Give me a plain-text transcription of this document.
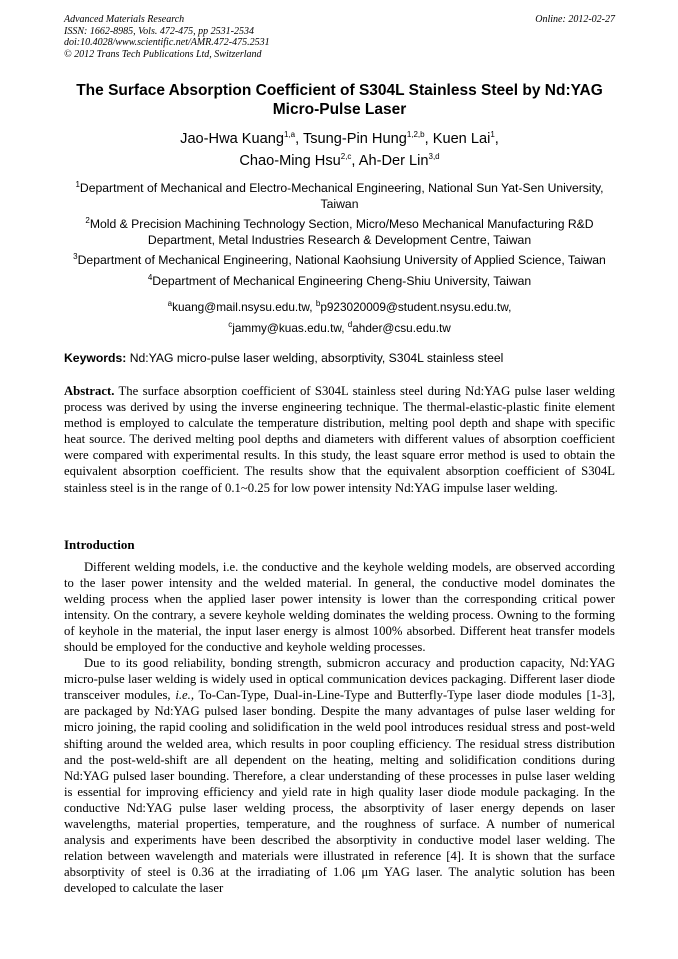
Advanced Materials Research
ISSN: 1662-8985, Vols. 472-475, pp 2531-2534
doi:10.4028/www.scientific.net/AMR.472-475.2531
© 2012 Trans Tech Publications Ltd, Switzerland
Online: 2012-02-27
The Surface Absorption Coefficient of S304L Stainless Steel by Nd:YAG
Micro-Pulse Laser
Jao-Hwa Kuang$^{1,a}$, Tsung-Pin Hung$^{1,2,b}$, Kuen Lai$^1$,
Chao-Ming Hsu$^{2,c}$, Ah-Der Lin$^{3,d}$
$^1$Department of Mechanical and Electro-Mechanical Engineering, National Sun Yat-Sen University, Taiwan
$^2$Mold & Precision Machining Technology Section, Micro/Meso Mechanical Manufacturing R&D Department, Metal Industries Research & Development Centre, Taiwan
$^3$Department of Mechanical Engineering, National Kaohsiung University of Applied Science, Taiwan
$^4$Department of Mechanical Engineering Cheng-Shiu University, Taiwan
$^a$kuang@mail.nsysu.edu.tw, $^b$p923020009@student.nsysu.edu.tw,
$^c$jammy@kuas.edu.tw, $^d$ahder@csu.edu.tw
Keywords: Nd:YAG micro-pulse laser welding, absorptivity, S304L stainless steel
Abstract. The surface absorption coefficient of S304L stainless steel during Nd:YAG pulse laser welding process was derived by using the inverse engineering technique. The thermal-elastic-plastic finite element method is employed to calculate the temperature distribution, melting pool depth and shape with specific heat source. The derived melting pool depths and diameters with different values of absorption coefficient were compared with experimental results. In this study, the least square error method is used to obtain the equivalent absorption coefficient. The results show that the equivalent absorption coefficient of S304L stainless steel is in the range of 0.1~0.25 for low power intensity Nd:YAG impulse laser welding.
Introduction

Different welding models, i.e. the conductive and the keyhole welding models, are observed according to the laser power intensity and the welded material. In general, the conductive model dominates the welding process when the applied laser power intensity is lower than the corresponding critical power intensity. On the contrary, a severe keyhole welding dominates the welding process. Owning to the forming of keyhole in the material, the input laser energy is almost 100% absorbed. Different heat transfer models should be employed for the conductive and keyhole welding processes.

Due to its good reliability, bonding strength, submicron accuracy and production capacity, Nd:YAG micro-pulse laser welding is widely used in optical communication devices packaging. Different laser diode transceiver modules, i.e., To-Can-Type, Dual-in-Line-Type and Butterfly-Type laser diode modules [1-3], are packaged by Nd:YAG pulsed laser bonding. Despite the many advantages of pulse laser welding for micro joining, the rapid cooling and solidification in the weld pool introduces residual stress and post-weld shifting around the welded area, which results in poor coupling efficiency. The residual stress distribution and the post-weld-shift are all dependent on the heating, melting and solidification conditions during Nd:YAG pulsed laser bounding. Therefore, a clear understanding of these processes in pulse laser welding is essential for improving efficiency and yield rate in high quality laser diode module packaging. In the conductive Nd:YAG pulse laser welding process, the absorptivity of laser energy depends on laser wavelengths, material properties, temperature, and the roughness of surface. A number of numerical analysis and experiments have been described the absorptivity in conductive model laser welding. The relation between wavelength and materials were illustrated in reference [4]. It is shown that the surface absorptivity of steel is 0.36 at the irradiating of 1.06 μm YAG laser. The analytic solution has been developed to calculate the laser
